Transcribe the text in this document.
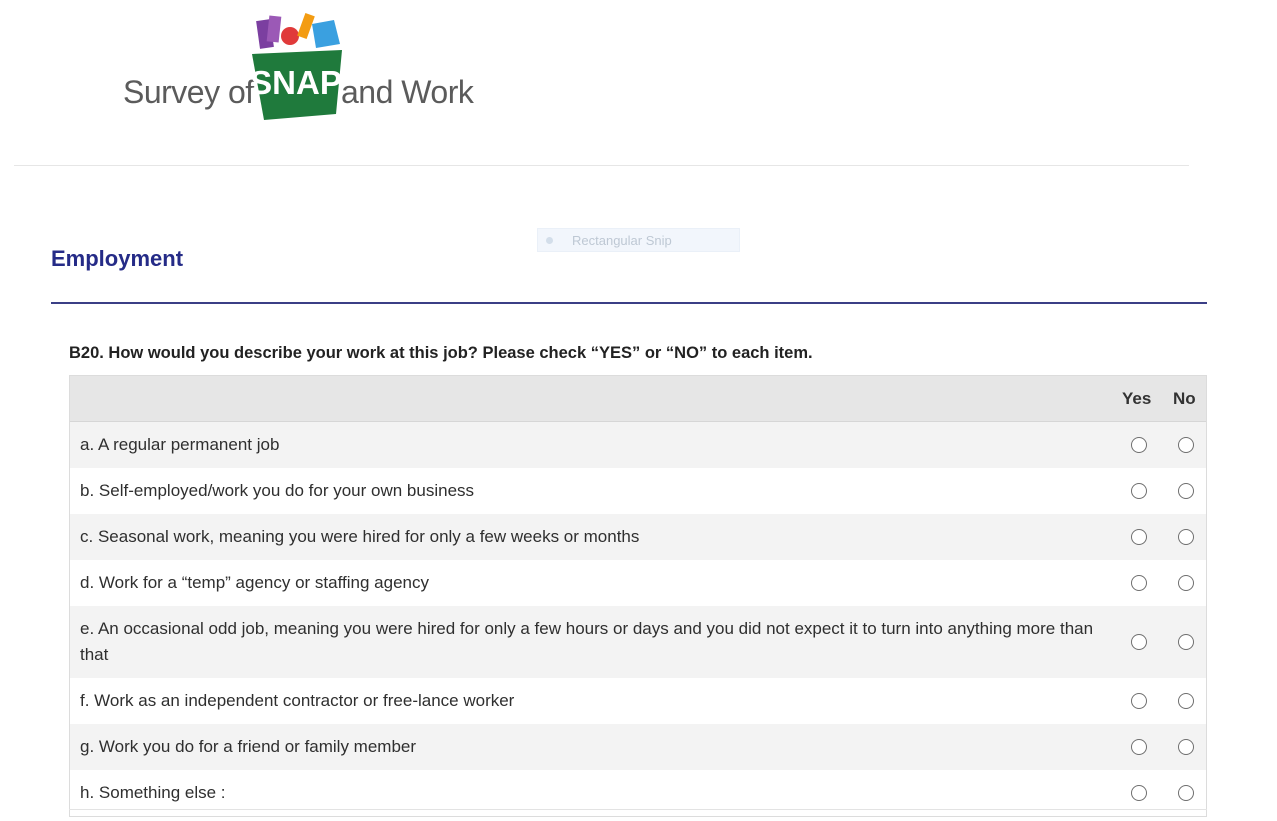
Survey of
SNAP and Work
Rectangular Snip
Employment
B20. How would you describe your work at this job? Please check “YES” or “NO” to each item.
Yes No
a. A regular permanent job
b. Self-employed/work you do for your own business
c. Seasonal work, meaning you were hired for only a few weeks or months
d. Work for a “temp” agency or staffing agency
e. An occasional odd job, meaning you were hired for only a few hours or days and you did not expect it to turn into anything more than that
f. Work as an independent contractor or free-lance worker
g. Work you do for a friend or family member
h. Something else :
